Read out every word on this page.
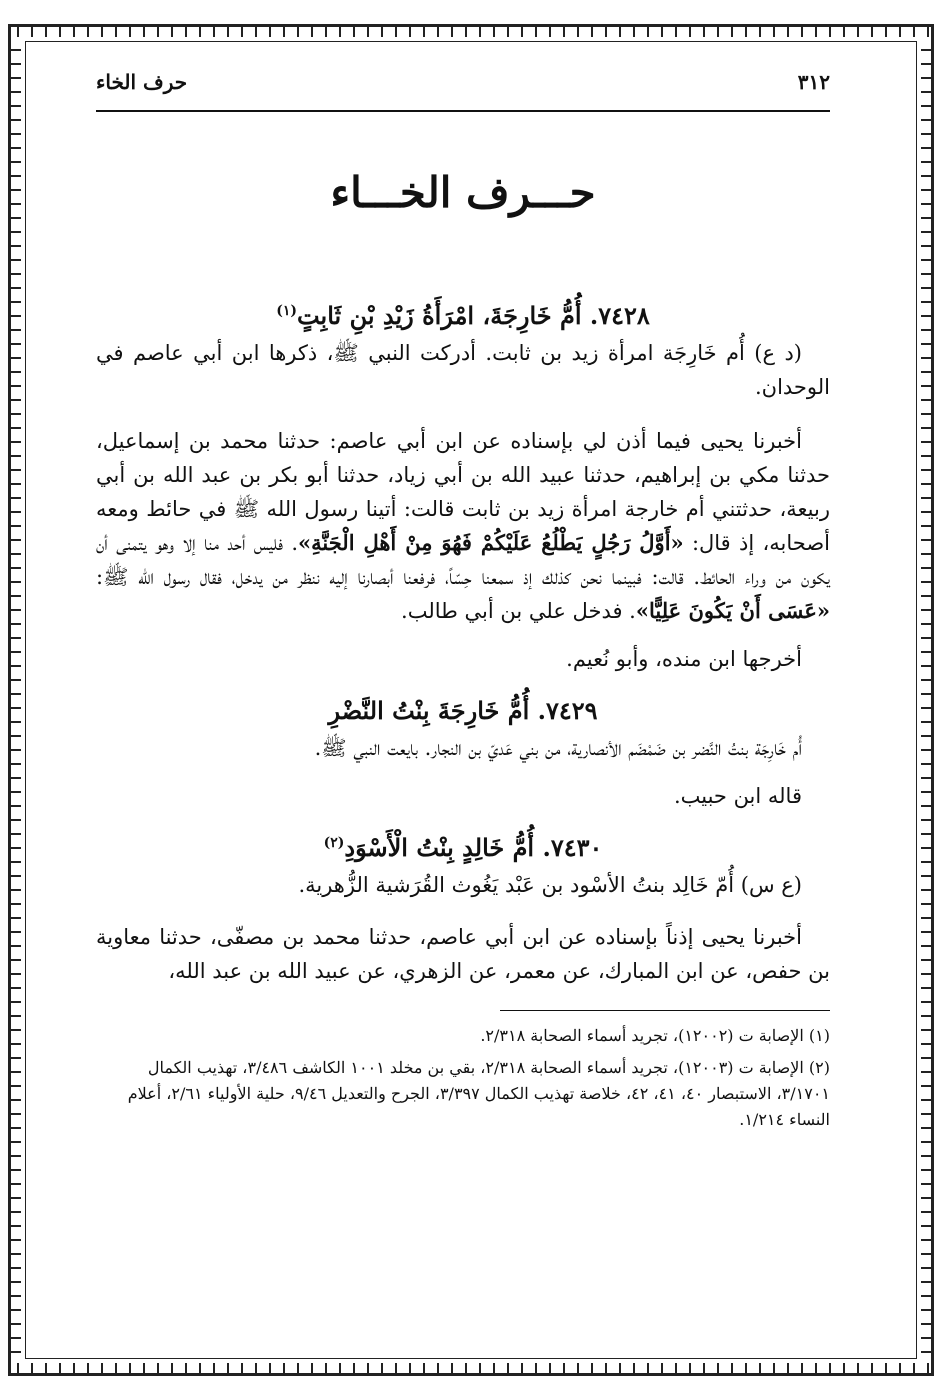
٣١٢
حرف الخاء
حـــرف الخـــاء
٧٤٢٨. أُمُّ خَارِجَةَ، امْرَأَةُ زَيْدِ بْنِ ثَابِتٍ$^{(١)}$

(د ع) أُم خَارِجَة امرأة زيد بن ثابت. أدركت النبي ﷺ، ذكرها ابن أبي عاصم في الوحدان.

أخبرنا يحيى فيما أذن لي بإسناده عن ابن أبي عاصم: حدثنا محمد بن إسماعيل، حدثنا مكي بن إبراهيم، حدثنا عبيد الله بن أبي زياد، حدثنا أبو بكر بن عبد الله بن أبي ربيعة، حدثتني أم خارجة امرأة زيد بن ثابت قالت: أتينا رسول الله ﷺ في حائط ومعه أصحابه، إذ قال: «أَوَّلُ رَجُلٍ يَطْلُعُ عَلَيْكُمْ فَهُوَ مِنْ أَهْلِ الْجَنَّةِ». فليس أحد منا إلا وهو يتمنى أن يكون من وراء الحائط. قالت: فبينما نحن كذلك إذ سمعنا حِسّاً، فرفعنا أبصارنا إليه ننظر من يدخل، فقال رسول الله ﷺ: «عَسَى أَنْ يَكُونَ عَلِيًّا». فدخل علي بن أبي طالب.

أخرجها ابن منده، وأبو نُعيم.

٧٤٢٩. أُمُّ خَارِجَةَ بِنْتُ النَّضْرِ

أُم خَارِجَة بنتُ النَّضر بن ضَمْضَم الأنصارية، من بني عَديّ بن النجار. بايعت النبي ﷺ.

قاله ابن حبيب.

٧٤٣٠. أُمُّ خَالِدٍ بِنْتُ الْأَسْوَدِ$^{(٢)}$

(ع س) أُمّ خَالِد بنتُ الأسْود بن عَبْد يَغُوث القُرَشية الزُّهرية.

أخبرنا يحيى إذناً بإسناده عن ابن أبي عاصم، حدثنا محمد بن مصفّى، حدثنا معاوية بن حفص، عن ابن المبارك، عن معمر، عن الزهري، عن عبيد الله بن عبد الله،

(١) الإصابة ت (١٢٠٠٢)، تجريد أسماء الصحابة ٢/٣١٨.

(٢) الإصابة ت (١٢٠٠٣)، تجريد أسماء الصحابة ٢/٣١٨، بقي بن مخلد ١٠٠١ الكاشف ٣/٤٨٦، تهذيب الكمال ٣/١٧٠١، الاستبصار ٤٠، ٤١، ٤٢، خلاصة تهذيب الكمال ٣/٣٩٧، الجرح والتعديل ٩/٤٦، حلية الأولياء ٢/٦١، أعلام النساء ١/٢١٤.
